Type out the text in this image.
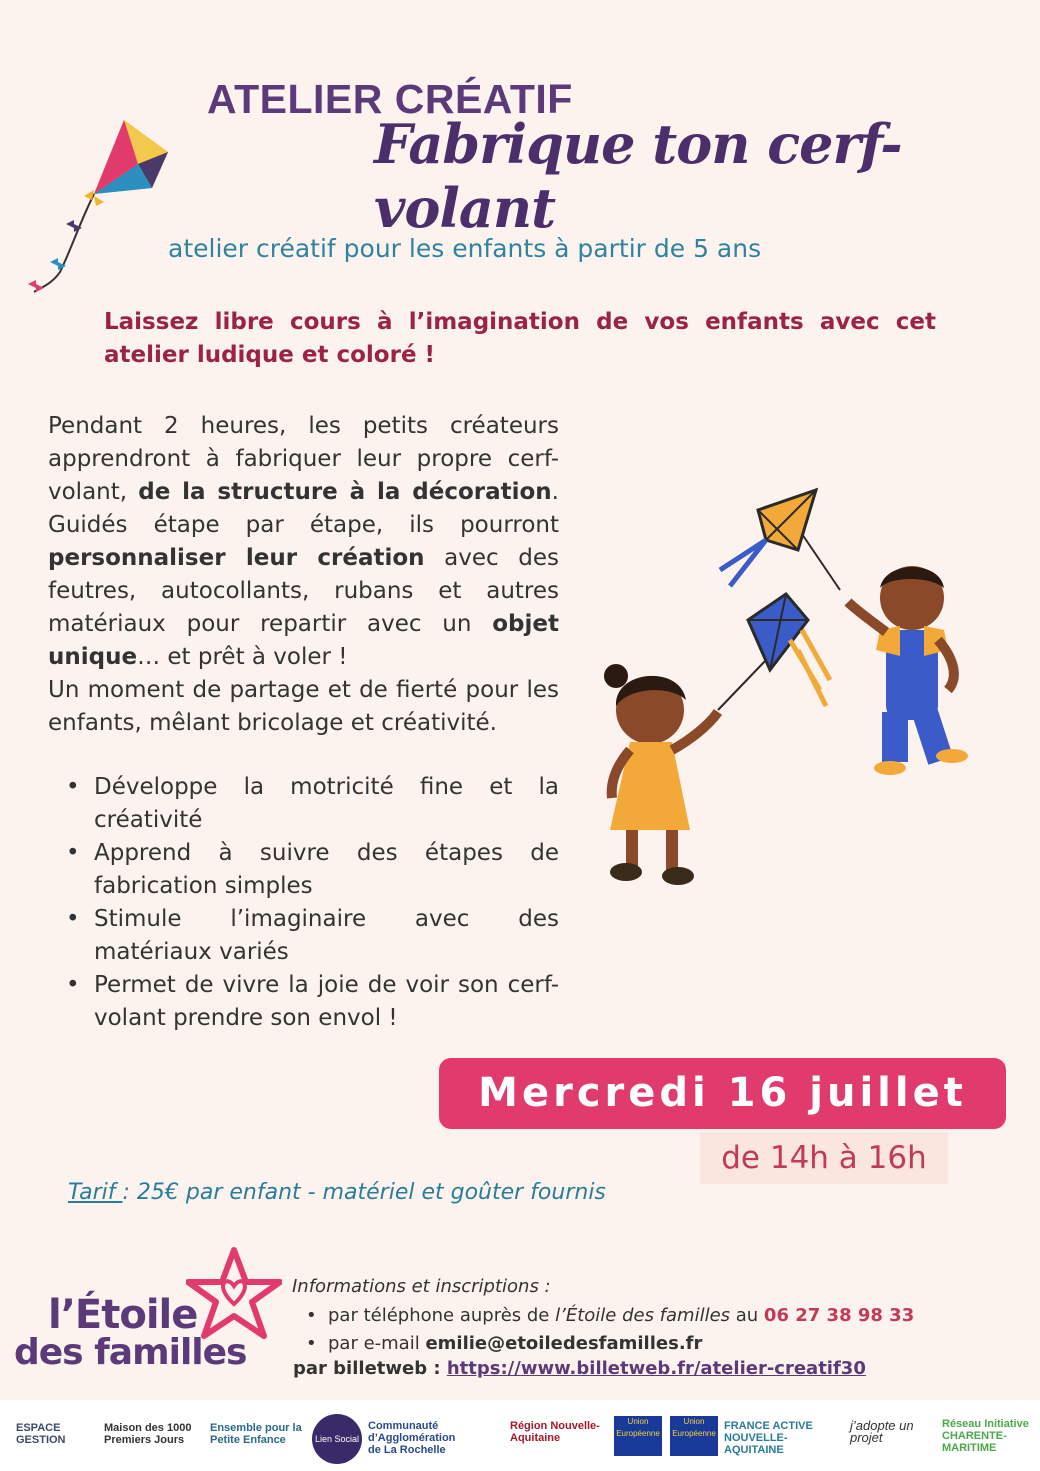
ATELIER CRÉATIF
Fabrique ton cerf-volant

atelier créatif pour les enfants à partir de 5 ans

Laissez libre cours à l’imagination de vos enfants avec cet atelier ludique et coloré !

Pendant 2 heures, les petits créateurs apprendront à fabriquer leur propre cerf-volant, de la structure à la décoration. Guidés étape par étape, ils pourront personnaliser leur création avec des feutres, autocollants, rubans et autres matériaux pour repartir avec un objet unique… et prêt à voler !

Un moment de partage et de fierté pour les enfants, mêlant bricolage et créativité.

• Développe la motricité fine et la créativité
• Apprend à suivre des étapes de fabrication simples
• Stimule l’imaginaire avec des matériaux variés
• Permet de vivre la joie de voir son cerf-volant prendre son envol !
Mercredi 16 juillet
de 14h à 16h

Tarif : 25€ par enfant - matériel et goûter fournis

l’Étoile

des familles

Informations et inscriptions :

• par téléphone auprès de l’Étoile des familles au 06 27 38 98 33
• par e-mail emilie@etoiledesfamilles.fr

par billetweb : https://www.billetweb.fr/atelier-creatif30

ESPACE GESTION
Maison des 1000 Premiers Jours
Ensemble pour la Petite Enfance	Lien Social
Communauté d’Agglomération de La Rochelle
Région Nouvelle-Aquitaine
Union Européenne
Union Européenne
FRANCE ACTIVE NOUVELLE-AQUITAINE
j’adopte un projet
Réseau Initiative CHARENTE-MARITIME
